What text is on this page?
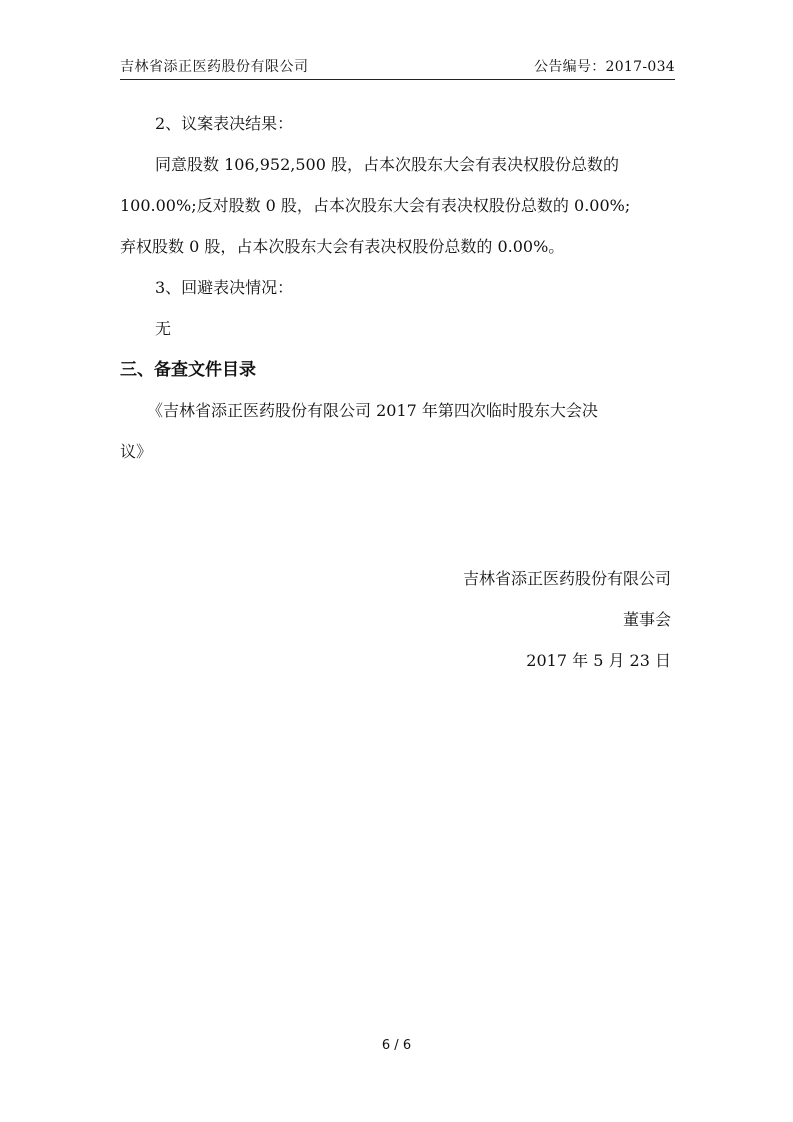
吉林省添正医药股份有限公司	公告编号：2017-034
2、议案表决结果：
同意股数 106,952,500 股，占本次股东大会有表决权股份总数的
100.00%;反对股数 0 股，占本次股东大会有表决权股份总数的 0.00%;
弃权股数 0 股，占本次股东大会有表决权股份总数的 0.00%。
3、回避表决情况：
无
三、备查文件目录
《吉林省添正医药股份有限公司 2017 年第四次临时股东大会决
议》
吉林省添正医药股份有限公司
董事会
2017 年 5 月 23 日
6 / 6
